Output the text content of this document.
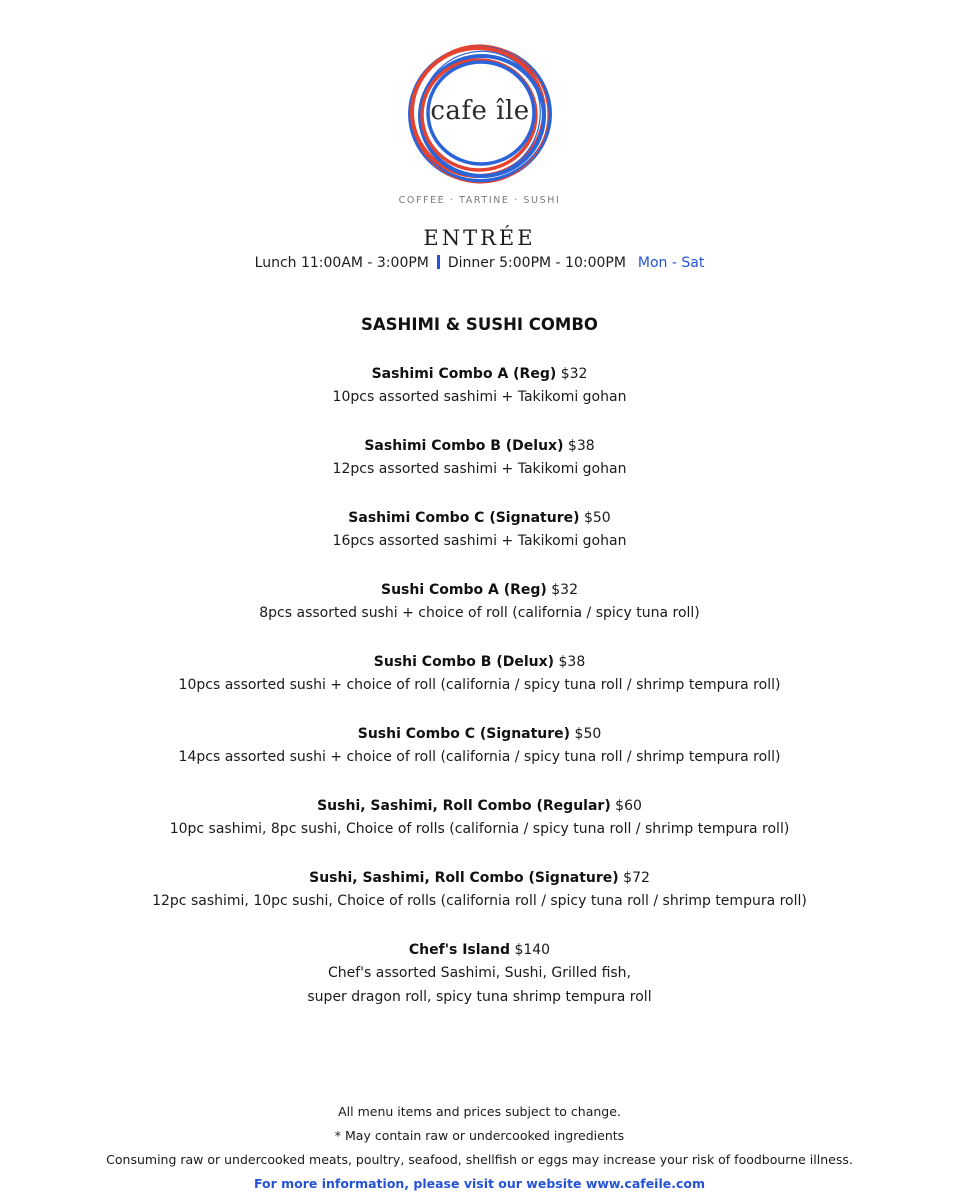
cafe île
COFFEE · TARTINE · SUSHI
ENTRÉE
Lunch 11:00AM - 3:00PM Dinner 5:00PM - 10:00PM Mon - Sat
SASHIMI & SUSHI COMBO
Sashimi Combo A (Reg) $32
10pcs assorted sashimi + Takikomi gohan
Sashimi Combo B (Delux) $38
12pcs assorted sashimi + Takikomi gohan
Sashimi Combo C (Signature) $50
16pcs assorted sashimi + Takikomi gohan
Sushi Combo A (Reg) $32
8pcs assorted sushi + choice of roll (california / spicy tuna roll)
Sushi Combo B (Delux) $38
10pcs assorted sushi + choice of roll (california / spicy tuna roll / shrimp tempura roll)
Sushi Combo C (Signature) $50
14pcs assorted sushi + choice of roll (california / spicy tuna roll / shrimp tempura roll)
Sushi, Sashimi, Roll Combo (Regular) $60
10pc sashimi, 8pc sushi, Choice of rolls (california / spicy tuna roll / shrimp tempura roll)
Sushi, Sashimi, Roll Combo (Signature) $72
12pc sashimi, 10pc sushi, Choice of rolls (california roll / spicy tuna roll / shrimp tempura roll)
Chef's Island $140
Chef's assorted Sashimi, Sushi, Grilled fish,
super dragon roll, spicy tuna shrimp tempura roll
All menu items and prices subject to change.
* May contain raw or undercooked ingredients
Consuming raw or undercooked meats, poultry, seafood, shellfish or eggs may increase your risk of foodbourne illness.
For more information, please visit our website www.cafeile.com
